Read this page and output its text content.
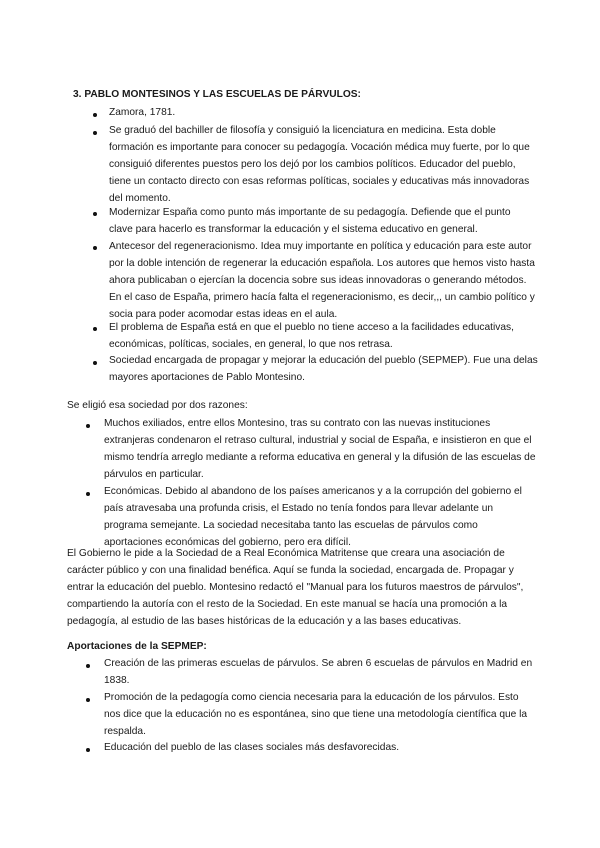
3. PABLO MONTESINOS Y LAS ESCUELAS DE PÁRVULOS:
Zamora, 1781.
Se graduó del bachiller de filosofía y consiguió la licenciatura en medicina. Esta doble formación es importante para conocer su pedagogía. Vocación médica muy fuerte, por lo que consiguió diferentes puestos pero los dejó por los cambios políticos. Educador del pueblo, tiene un contacto directo con esas reformas políticas, sociales y educativas más innovadoras del momento.
Modernizar España como punto más importante de su pedagogía. Defiende que el punto clave para hacerlo es transformar la educación y el sistema educativo en general.
Antecesor del regeneracionismo. Idea muy importante en política y educación para este autor por la doble intención de regenerar la educación española. Los autores que hemos visto hasta ahora publicaban o ejercían la docencia sobre sus ideas innovadoras o generando métodos. En el caso de España, primero hacía falta el regeneracionismo, es decir,,, un cambio político y socia para poder acomodar estas ideas en el aula.
El problema de España está en que el pueblo no tiene acceso a la facilidades educativas, económicas, políticas, sociales, en general, lo que nos retrasa.
Sociedad encargada de propagar y mejorar la educación del pueblo (SEPMEP). Fue una delas mayores aportaciones de Pablo Montesino.
Se eligió esa sociedad por dos razones:
Muchos exiliados, entre ellos Montesino, tras su contrato con las nuevas instituciones extranjeras condenaron el retraso cultural, industrial y social de España, e insistieron en que el mismo tendría arreglo mediante a reforma educativa en general y la difusión de las escuelas de párvulos en particular.
Económicas. Debido al abandono de los países americanos y a la corrupción del gobierno el país atravesaba una profunda crisis, el Estado no tenía fondos para llevar adelante un programa semejante. La sociedad necesitaba tanto las escuelas de párvulos como aportaciones económicas del gobierno, pero era difícil.
El Gobierno le pide a la Sociedad de a Real Económica Matritense que creara una asociación de carácter público y con una finalidad benéfica. Aquí se funda la sociedad, encargada de. Propagar y entrar la educación del pueblo. Montesino redactó el "Manual para los futuros maestros de párvulos", compartiendo la autoría con el resto de la Sociedad. En este manual se hacía una promoción a la pedagogía, al estudio de las bases históricas de la educación y a las bases educativas.
Aportaciones de la SEPMEP:
Creación de las primeras escuelas de párvulos. Se abren 6 escuelas de párvulos en Madrid en 1838.
Promoción de la pedagogía como ciencia necesaria para la educación de los párvulos. Esto nos dice que la educación no es espontánea, sino que tiene una metodología científica que la respalda.
Educación del pueblo de las clases sociales más desfavorecidas.
